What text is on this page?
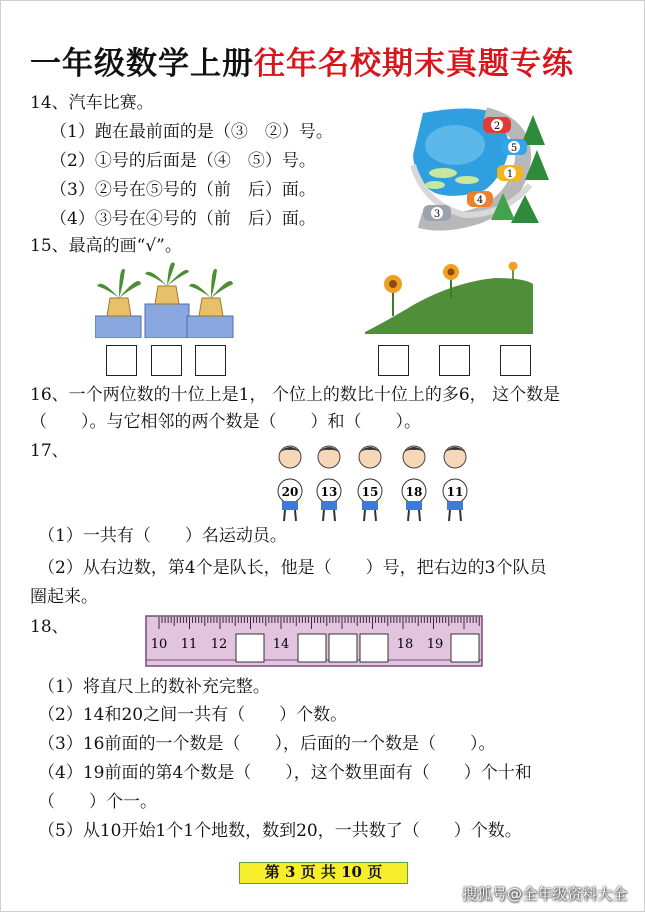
一年级数学上册往年名校期末真题专练
14、汽车比赛。
（1）跑在最前面的是（③　②）号。
（2）①号的后面是（④　⑤）号。
（3）②号在⑤号的（前　后）面。
（4）③号在④号的（前　后）面。
2
5
1
4
3
15、最高的画“√”。
16、一个两位数的十位上是1， 个位上的数比十位上的多6， 这个数是
（　　）。与它相邻的两个数是（　　）和（　　）。
17、
20 13 15 18 11
（1）一共有（　　）名运动员。
（2）从右边数，第4个是队长，他是（　　）号，把右边的3个队员
圈起来。
18、
10 11 12	14	18 19
（1）将直尺上的数补充完整。
（2）14和20之间一共有（　　）个数。
（3）16前面的一个数是（　　），后面的一个数是（　　）。
（4）19前面的第4个数是（　　），这个数里面有（　　）个十和
（　　）个一。
（5）从10开始1个1个地数，数到20，一共数了（　　）个数。
第 3 页 共 10 页
搜狐号@全年级资料大全
